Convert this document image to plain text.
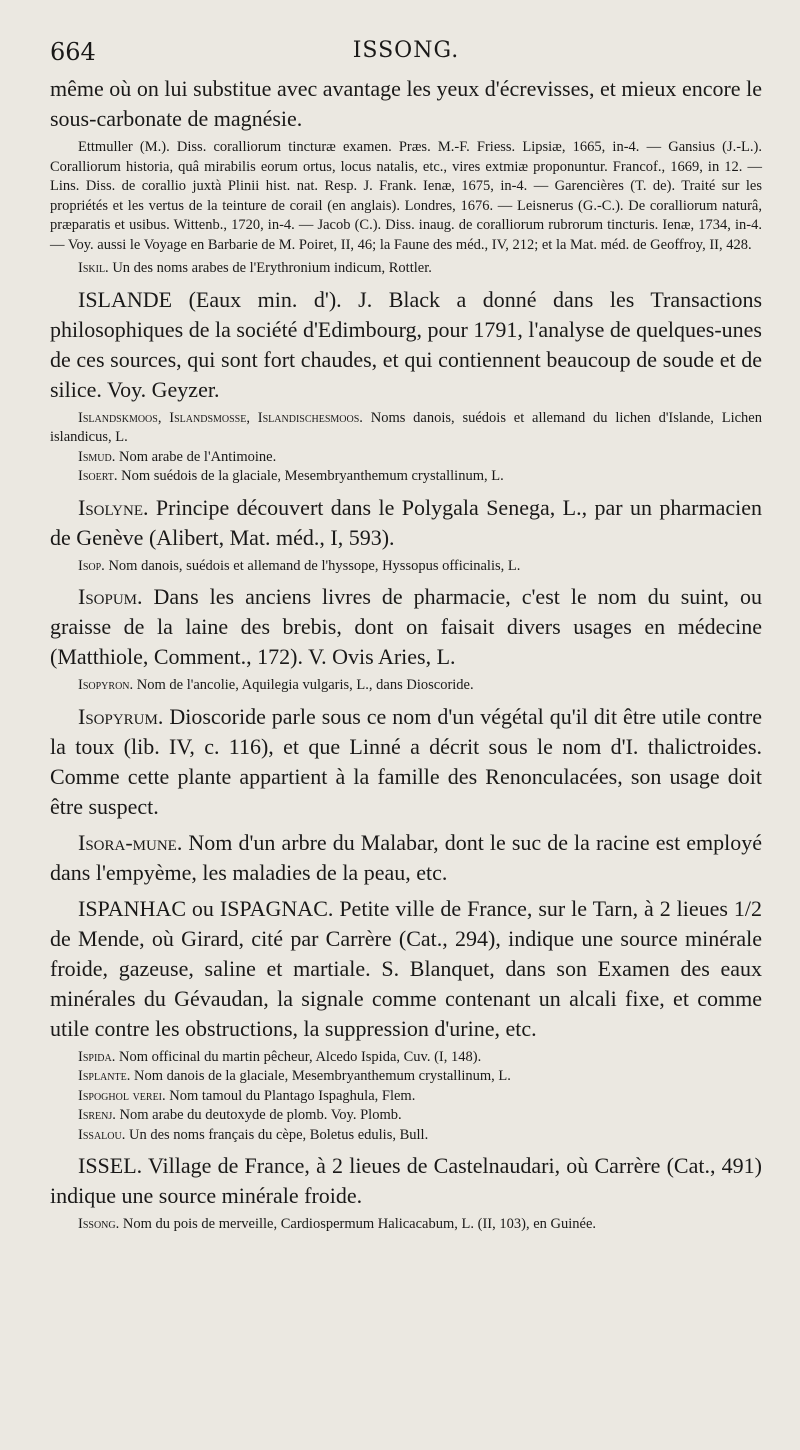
664	ISSONG.

même où on lui substitue avec avantage les yeux d'écrevisses, et mieux encore le sous-carbonate de magnésie.

Ettmuller (M.). Diss. coralliorum tincturæ examen. Præs. M.-F. Friess. Lipsiæ, 1665, in-4. — Gansius (J.-L.). Coralliorum historia, quâ mirabilis eorum ortus, locus natalis, etc., vires extmiæ proponuntur. Francof., 1669, in 12. — Lins. Diss. de corallio juxtà Plinii hist. nat. Resp. J. Frank. Ienæ, 1675, in-4. — Garencières (T. de). Traité sur les propriétés et les vertus de la teinture de corail (en anglais). Londres, 1676. — Leisnerus (G.-C.). De coralliorum naturâ, præparatis et usibus. Wittenb., 1720, in-4. — Jacob (C.). Diss. inaug. de coralliorum rubrorum tincturis. Ienæ, 1734, in-4. — Voy. aussi le Voyage en Barbarie de M. Poiret, II, 46; la Faune des méd., IV, 212; et la Mat. méd. de Geoffroy, II, 428.

Iskil. Un des noms arabes de l'Erythronium indicum, Rottler.

ISLANDE (Eaux min. d'). J. Black a donné dans les Transactions philosophiques de la société d'Edimbourg, pour 1791, l'analyse de quelques-unes de ces sources, qui sont fort chaudes, et qui contiennent beaucoup de soude et de silice. Voy. Geyzer.

Islandskmoos, Islandsmosse, Islandischesmoos. Noms danois, suédois et allemand du lichen d'Islande, Lichen islandicus, L.

Ismud. Nom arabe de l'Antimoine.

Isoert. Nom suédois de la glaciale, Mesembryanthemum crystallinum, L.

Isolyne. Principe découvert dans le Polygala Senega, L., par un pharmacien de Genève (Alibert, Mat. méd., I, 593).

Isop. Nom danois, suédois et allemand de l'hyssope, Hyssopus officinalis, L.

Isopum. Dans les anciens livres de pharmacie, c'est le nom du suint, ou graisse de la laine des brebis, dont on faisait divers usages en médecine (Matthiole, Comment., 172). V. Ovis Aries, L.

Isopyron. Nom de l'ancolie, Aquilegia vulgaris, L., dans Dioscoride.

Isopyrum. Dioscoride parle sous ce nom d'un végétal qu'il dit être utile contre la toux (lib. IV, c. 116), et que Linné a décrit sous le nom d'I. thalictroides. Comme cette plante appartient à la famille des Renonculacées, son usage doit être suspect.

Isora-mune. Nom d'un arbre du Malabar, dont le suc de la racine est employé dans l'empyème, les maladies de la peau, etc.

ISPANHAC ou ISPAGNAC. Petite ville de France, sur le Tarn, à 2 lieues 1/2 de Mende, où Girard, cité par Carrère (Cat., 294), indique une source minérale froide, gazeuse, saline et martiale. S. Blanquet, dans son Examen des eaux minérales du Gévaudan, la signale comme contenant un alcali fixe, et comme utile contre les obstructions, la suppression d'urine, etc.

Ispida. Nom officinal du martin pêcheur, Alcedo Ispida, Cuv. (I, 148).

Isplante. Nom danois de la glaciale, Mesembryanthemum crystallinum, L.

Ispoghol verei. Nom tamoul du Plantago Ispaghula, Flem.

Isrenj. Nom arabe du deutoxyde de plomb. Voy. Plomb.

Issalou. Un des noms français du cèpe, Boletus edulis, Bull.

ISSEL. Village de France, à 2 lieues de Castelnaudari, où Carrère (Cat., 491) indique une source minérale froide.

Issong. Nom du pois de merveille, Cardiospermum Halicacabum, L. (II, 103), en Guinée.
